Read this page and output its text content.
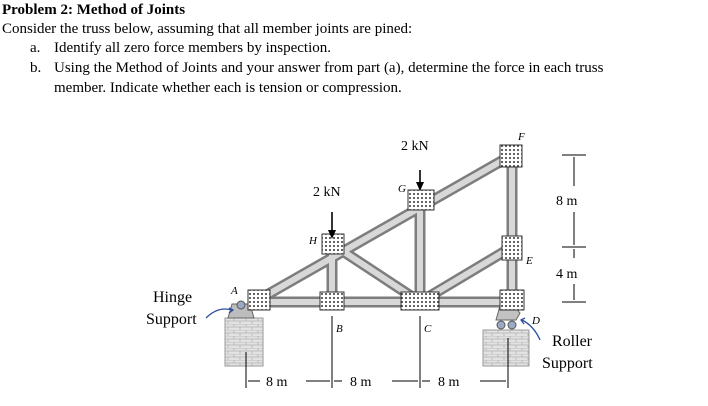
Problem 2: Method of Joints
Consider the truss below, assuming that all member joints are pined:
a. Identify all zero force members by inspection.
b. Using the Method of Joints and your answer from part (a), determine the force in each truss
member. Indicate whether each is tension or compression.
A
B	C
D
E
F
G
H
2 kN
2 kN
8 m	8 m	8 m
8 m
4 m
Hinge
Support
Roller
Support
